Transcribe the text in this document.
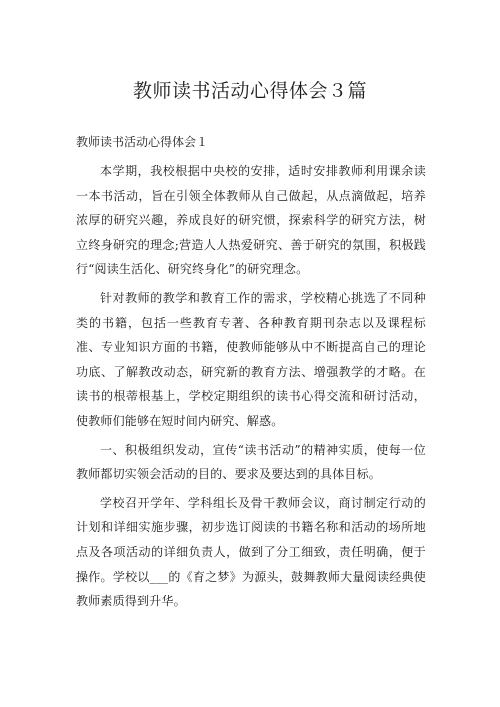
教师读书活动心得体会３篇
教师读书活动心得体会１

本学期，我校根据中央校的安排，适时安排教师利用课余读一本书活动，旨在引领全体教师从自己做起，从点滴做起，培养浓厚的研究兴趣，养成良好的研究惯，探索科学的研究方法，树立终身研究的理念;营造人人热爱研究、善于研究的氛围，积极践行“阅读生活化、研究终身化”的研究理念。

针对教师的教学和教育工作的需求，学校精心挑选了不同种类的书籍，包括一些教育专著、各种教育期刊杂志以及课程标准、专业知识方面的书籍，使教师能够从中不断提高自己的理论功底、了解教改动态，研究新的教育方法、增强教学的才略。在读书的根蒂根基上，学校定期组织的读书心得交流和研讨活动，使教师们能够在短时间内研究、解惑。

一、积极组织发动，宣传“读书活动”的精神实质，使每一位教师都切实领会活动的目的、要求及要达到的具体目标。

学校召开学年、学科组长及骨干教师会议，商讨制定行动的计划和详细实施步骤，初步选订阅读的书籍名称和活动的场所地点及各项活动的详细负责人，做到了分工细致，责任明确，便于操作。学校以___的《育之梦》为源头，鼓舞教师大量阅读经典使教师素质得到升华。
